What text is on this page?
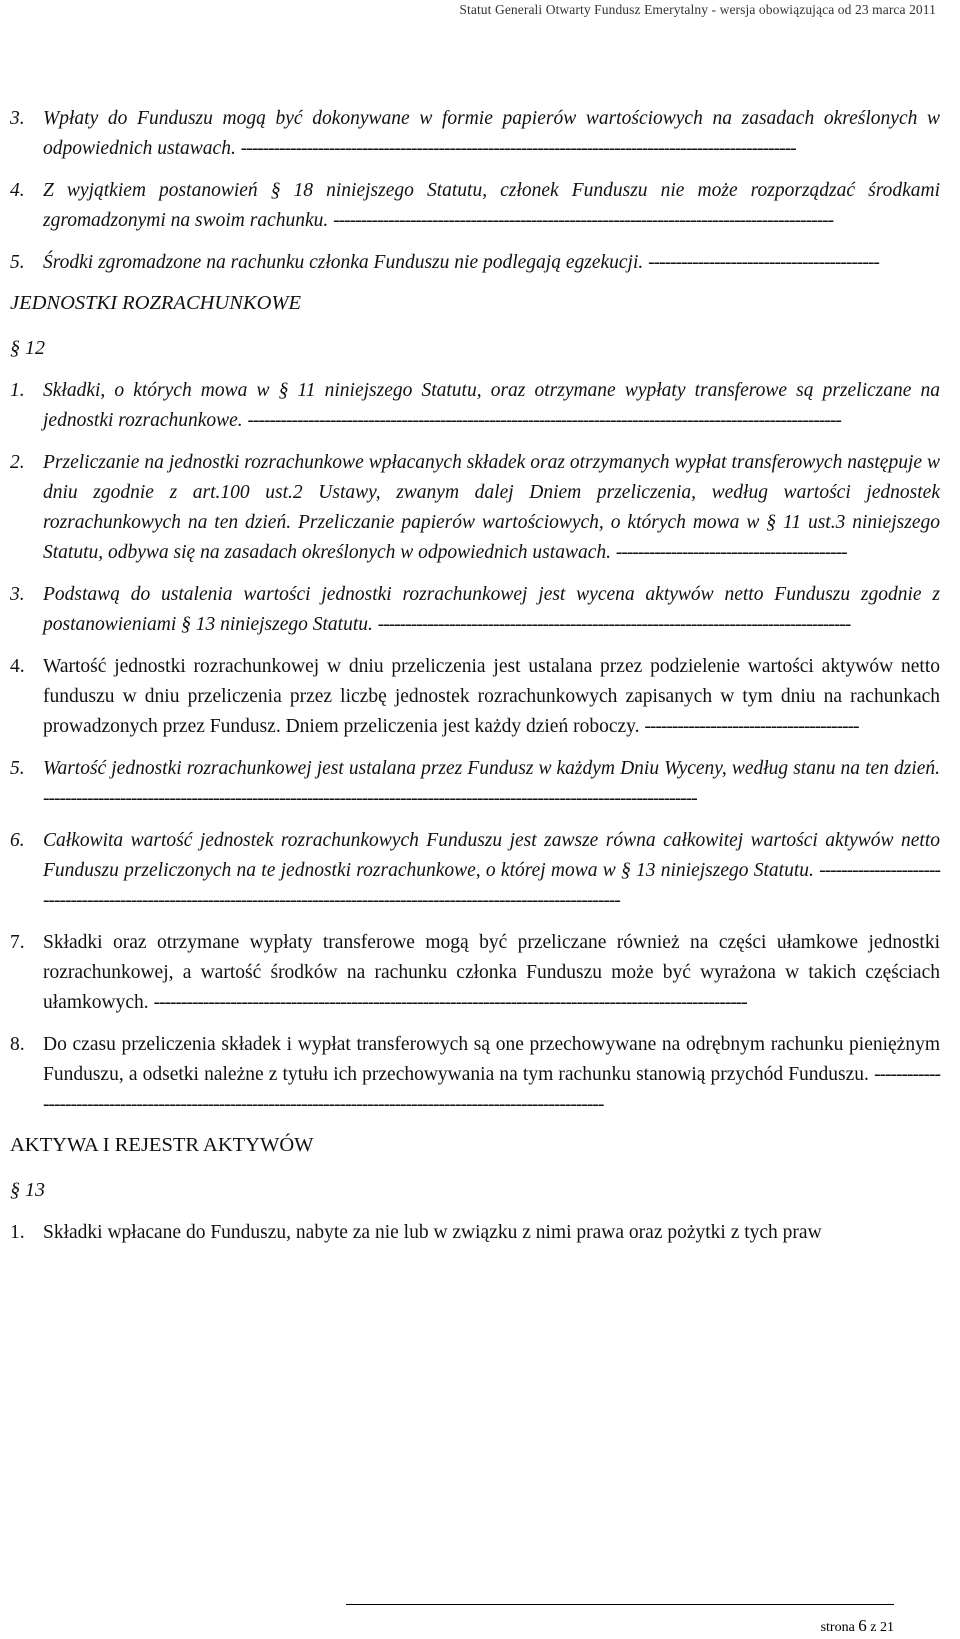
Statut Generali Otwarty Fundusz Emerytalny - wersja obowiązująca od 23 marca 2011
3. Wpłaty do Funduszu mogą być dokonywane w formie papierów wartościowych na zasadach określonych w odpowiednich ustawach. -----------------------------------------------------------------------------------------------------
4. Z wyjątkiem postanowień § 18 niniejszego Statutu, członek Funduszu nie może rozporządzać środkami zgromadzonymi na swoim rachunku. -------------------------------------------------------------------------------------------
5. Środki zgromadzone na rachunku członka Funduszu nie podlegają egzekucji. ------------------------------------------
JEDNOSTKI ROZRACHUNKOWE
§ 12
1. Składki, o których mowa w § 11 niniejszego Statutu, oraz otrzymane wypłaty transferowe są przeliczane na jednostki rozrachunkowe. ------------------------------------------------------------------------------------------------------------
2. Przeliczanie na jednostki rozrachunkowe wpłacanych składek oraz otrzymanych wypłat transferowych następuje w dniu zgodnie z art.100 ust.2 Ustawy, zwanym dalej Dniem przeliczenia, według wartości jednostek rozrachunkowych na ten dzień. Przeliczanie papierów wartościowych, o których mowa w § 11 ust.3 niniejszego Statutu, odbywa się na zasadach określonych w odpowiednich ustawach. ------------------------------------------
3. Podstawą do ustalenia wartości jednostki rozrachunkowej jest wycena aktywów netto Funduszu zgodnie z postanowieniami § 13 niniejszego Statutu. --------------------------------------------------------------------------------------
4. Wartość jednostki rozrachunkowej w dniu przeliczenia jest ustalana przez podzielenie wartości aktywów netto funduszu w dniu przeliczenia przez liczbę jednostek rozrachunkowych zapisanych w tym dniu na rachunkach prowadzonych przez Fundusz. Dniem przeliczenia jest każdy dzień roboczy. ---------------------------------------
5. Wartość jednostki rozrachunkowej jest ustalana przez Fundusz w każdym Dniu Wyceny, według stanu na ten dzień. -----------------------------------------------------------------------------------------------------------------------
6. Całkowita wartość jednostek rozrachunkowych Funduszu jest zawsze równa całkowitej wartości aktywów netto Funduszu przeliczonych na te jednostki rozrachunkowe, o której mowa w § 13 niniejszego Statutu. -------------------------------------------------------------------------------------------------------------------------------
7. Składki oraz otrzymane wypłaty transferowe mogą być przeliczane również na części ułamkowe jednostki rozrachunkowej, a wartość środków na rachunku członka Funduszu może być wyrażona w takich częściach ułamkowych. ------------------------------------------------------------------------------------------------------------
8. Do czasu przeliczenia składek i wypłat transferowych są one przechowywane na odrębnym rachunku pieniężnym Funduszu, a odsetki należne z tytułu ich przechowywania na tym rachunku stanowią przychód Funduszu. ------------------------------------------------------------------------------------------------------------------
AKTYWA I REJESTR AKTYWÓW
§ 13
1. Składki wpłacane do Funduszu, nabyte za nie lub w związku z nimi prawa oraz pożytki z tych praw
strona 6 z 21
